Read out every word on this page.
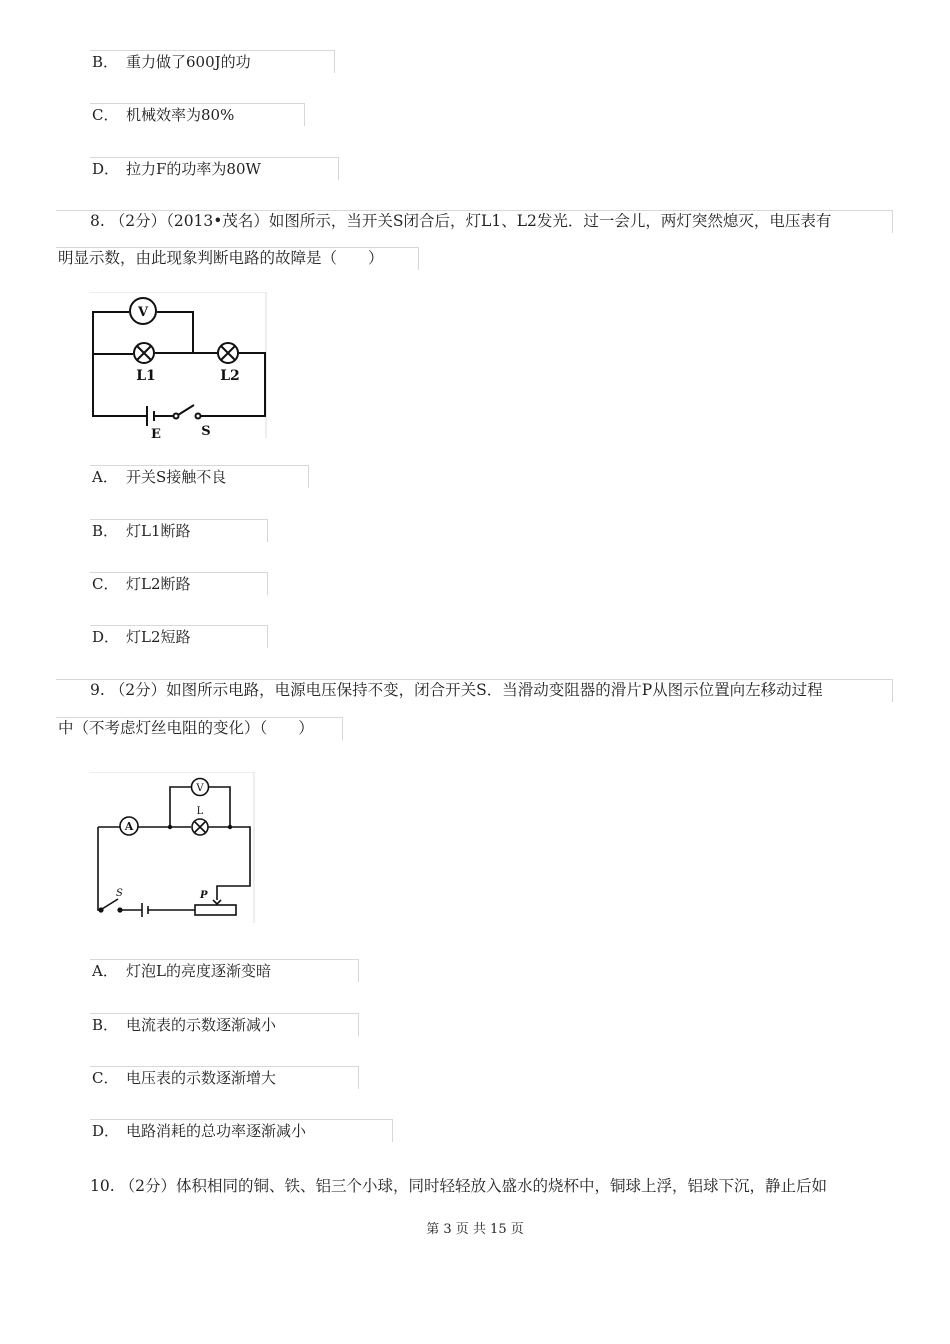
B． 重力做了600J的功
C． 机械效率为80%
D． 拉力F的功率为80W
8. （2分）（2013•茂名）如图所示，当开关S闭合后，灯L1、L2发光．过一会儿，两灯突然熄灭，电压表有
明显示数，由此现象判断电路的故障是（　　）
V
L1	L2
E	S
A． 开关S接触不良
B． 灯L1断路
C． 灯L2断路
D． 灯L2短路
9. （2分）如图所示电路，电源电压保持不变，闭合开关S．当滑动变阻器的滑片P从图示位置向左移动过程
中（不考虑灯丝电阻的变化）（　　）
V
A
L
S	P
A． 灯泡L的亮度逐渐变暗
B． 电流表的示数逐渐减小
C． 电压表的示数逐渐增大
D． 电路消耗的总功率逐渐减小
10. （2分）体积相同的铜、铁、铝三个小球，同时轻轻放入盛水的烧杯中，铜球上浮，铝球下沉，静止后如
第 3 页 共 15 页
